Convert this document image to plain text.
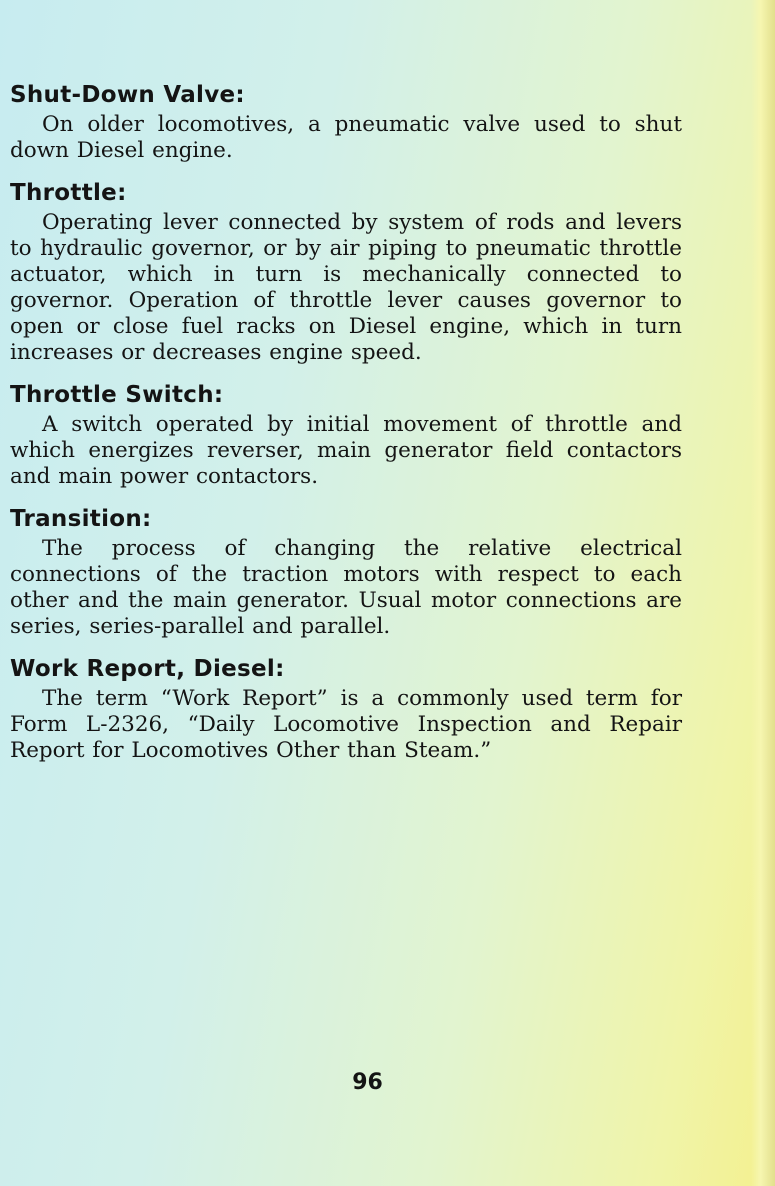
Shut-Down Valve:

On older locomotives, a pneumatic valve used to shut down Diesel engine.

Throttle:

Operating lever connected by system of rods and levers to hydraulic governor, or by air piping to pneumatic throttle actuator, which in turn is mechanically connected to governor. Operation of throttle lever causes governor to open or close fuel racks on Diesel engine, which in turn increases or decreases engine speed.

Throttle Switch:

A switch operated by initial movement of throttle and which energizes reverser, main generator field contactors and main power contactors.

Transition:

The process of changing the relative electrical connections of the traction motors with respect to each other and the main generator. Usual motor connections are series, series-parallel and parallel.

Work Report, Diesel:

The term “Work Report” is a commonly used term for Form L-2326, “Daily Locomotive Inspection and Repair Report for Locomotives Other than Steam.”

96
